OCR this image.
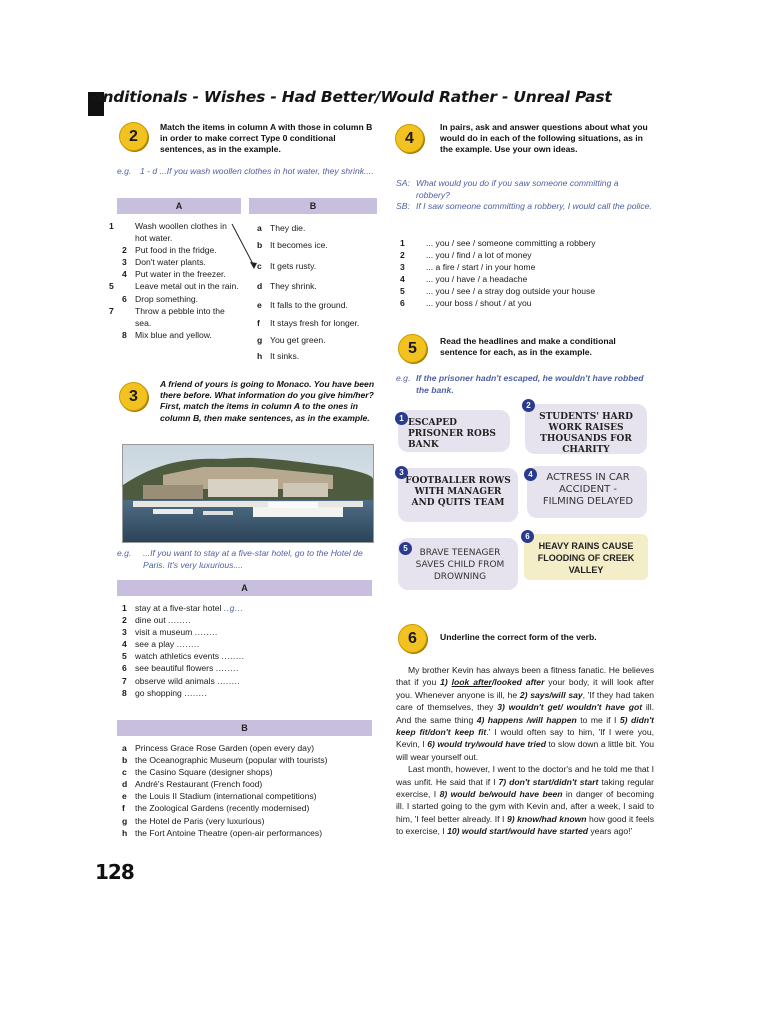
onditionals - Wishes - Had Better/Would Rather - Unreal Past
2
Match the items in column A with those in column B in order to make correct Type 0 conditional sentences, as in the example.
e.g. 1 - d ...If you wash woollen clothes in hot water, they shrink....
A	B
1 Wash woollen clothes in hot water.
2 Put food in the fridge.
3 Don't water plants.
4 Put water in the freezer.
5 Leave metal out in the rain.
6 Drop something.
7 Throw a pebble into the sea.
8 Mix blue and yellow.
a They die.
b It becomes ice.
c It gets rusty.
d They shrink.
e It falls to the ground.
f It stays fresh for longer.
g You get green.
h It sinks.
3
A friend of yours is going to Monaco. You have been there before. What information do you give him/her? First, match the items in column A to the ones in column B, then make sentences, as in the example.
e.g. ...If you want to stay at a five-star hotel, go to the Hotel de Paris. It's very luxurious....
A
1 stay at a five-star hotel ..g...
2 dine out ........
3 visit a museum ........
4 see a play ........
5 watch athletics events ........
6 see beautiful flowers ........
7 observe wild animals ........
8 go shopping ........
B
a Princess Grace Rose Garden (open every day)
b the Oceanographic Museum (popular with tourists)
c the Casino Square (designer shops)
d André's Restaurant (French food)
e the Louis II Stadium (international competitions)
f the Zoological Gardens (recently modernised)
g the Hotel de Paris (very luxurious)
h the Fort Antoine Theatre (open-air performances)
128
4
In pairs, ask and answer questions about what you would do in each of the following situations, as in the example. Use your own ideas.
SA: What would you do if you saw someone committing a robbery?
SB: If I saw someone committing a robbery, I would call the police.
1 ... you / see / someone committing a robbery
2 ... you / find / a lot of money
3 ... a fire / start / in your home
4 ... you / have / a headache
5 ... you / see / a stray dog outside your house
6 ... your boss / shout / at you
5	Read the headlines and make a conditional sentence for each, as in the example.
e.g. If the prisoner hadn't escaped, he wouldn't have robbed the bank.
1 ESCAPED PRISONER ROBS BANK
2
STUDENTS' HARD WORK RAISES THOUSANDS FOR CHARITY
3
FOOTBALLER ROWS WITH MANAGER AND QUITS TEAM
4	ACTRESS IN CAR ACCIDENT - FILMING DELAYED
5	BRAVE TEENAGER SAVES CHILD FROM DROWNING
6
HEAVY RAINS CAUSE FLOODING OF CREEK VALLEY
6	Underline the correct form of the verb.
My brother Kevin has always been a fitness fanatic. He believes that if you 1) look after/looked after your body, it will look after you. Whenever anyone is ill, he 2) says/will say, 'If they had taken care of themselves, they 3) wouldn't get/ wouldn't have got ill. And the same thing 4) happens /will happen to me if I 5) didn't keep fit/don't keep fit.' I would often say to him, 'If I were you, Kevin, I 6) would try/would have tried to slow down a little bit. You will wear yourself out.
Last month, however, I went to the doctor's and he told me that I was unfit. He said that if I 7) don't start/didn't start taking regular exercise, I 8) would be/would have been in danger of becoming ill. I started going to the gym with Kevin and, after a week, I said to him, 'I feel better already. If I 9) know/had known how good it feels to exercise, I 10) would start/would have started years ago!'
